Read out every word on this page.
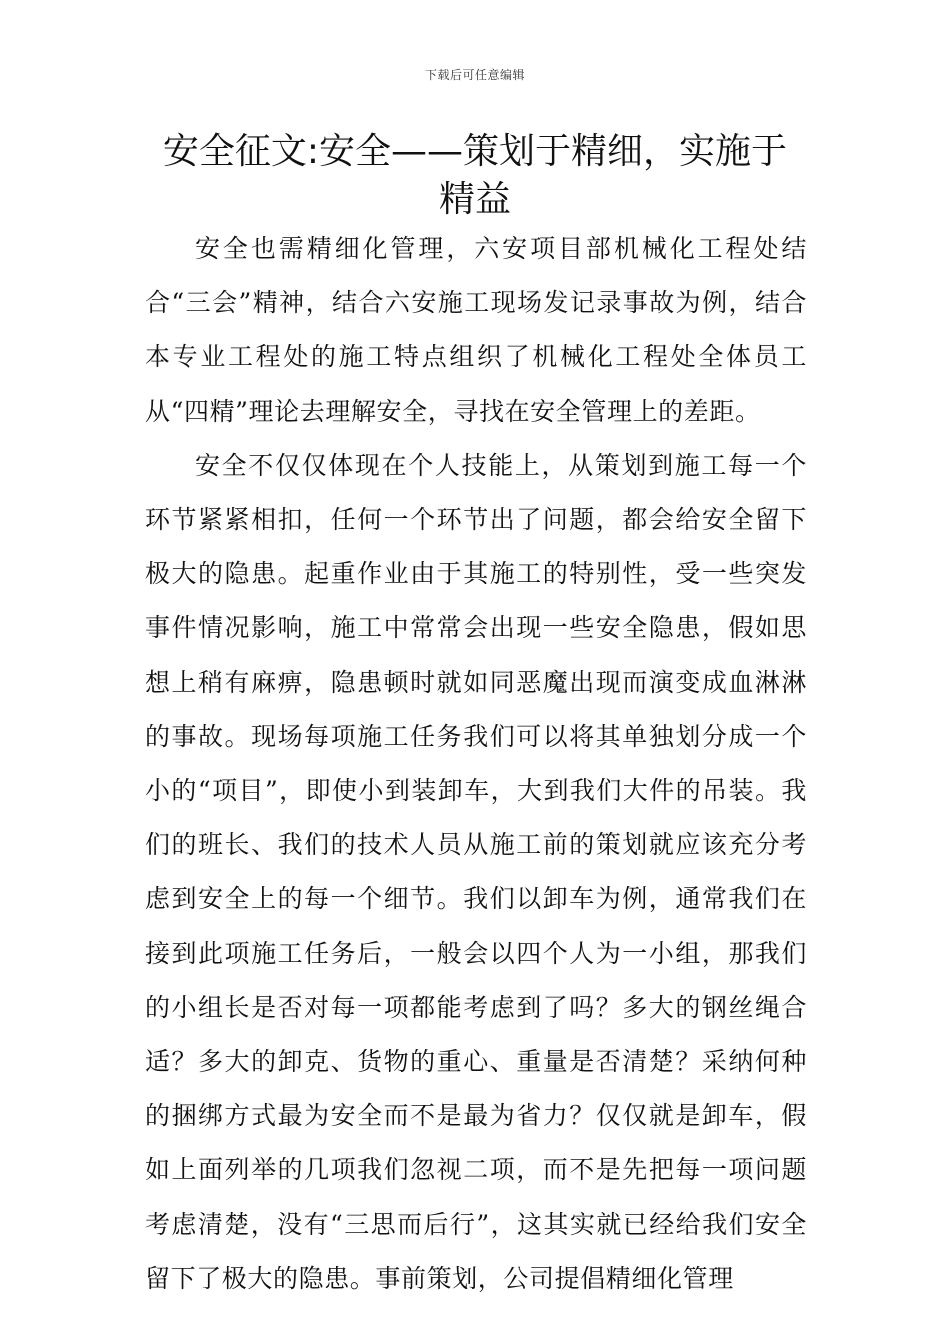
下载后可任意编辑
安全征文:安全——策划于精细，实施于精益

安全也需精细化管理，六安项目部机械化工程处结合“三会”精神，结合六安施工现场发记录事故为例，结合本专业工程处的施工特点组织了机械化工程处全体员工从“四精”理论去理解安全，寻找在安全管理上的差距。

安全不仅仅体现在个人技能上，从策划到施工每一个环节紧紧相扣，任何一个环节出了问题，都会给安全留下极大的隐患。起重作业由于其施工的特别性，受一些突发事件情况影响，施工中常常会出现一些安全隐患，假如思想上稍有麻痹，隐患顿时就如同恶魔出现而演变成血淋淋的事故。现场每项施工任务我们可以将其单独划分成一个小的“项目”，即使小到装卸车，大到我们大件的吊装。我们的班长、我们的技术人员从施工前的策划就应该充分考虑到安全上的每一个细节。我们以卸车为例，通常我们在接到此项施工任务后，一般会以四个人为一小组，那我们的小组长是否对每一项都能考虑到了吗？多大的钢丝绳合适？多大的卸克、货物的重心、重量是否清楚？采纳何种的捆绑方式最为安全而不是最为省力？仅仅就是卸车，假如上面列举的几项我们忽视二项，而不是先把每一项问题考虑清楚，没有“三思而后行”，这其实就已经给我们安全留下了极大的隐患。事前策划，公司提倡精细化管理
